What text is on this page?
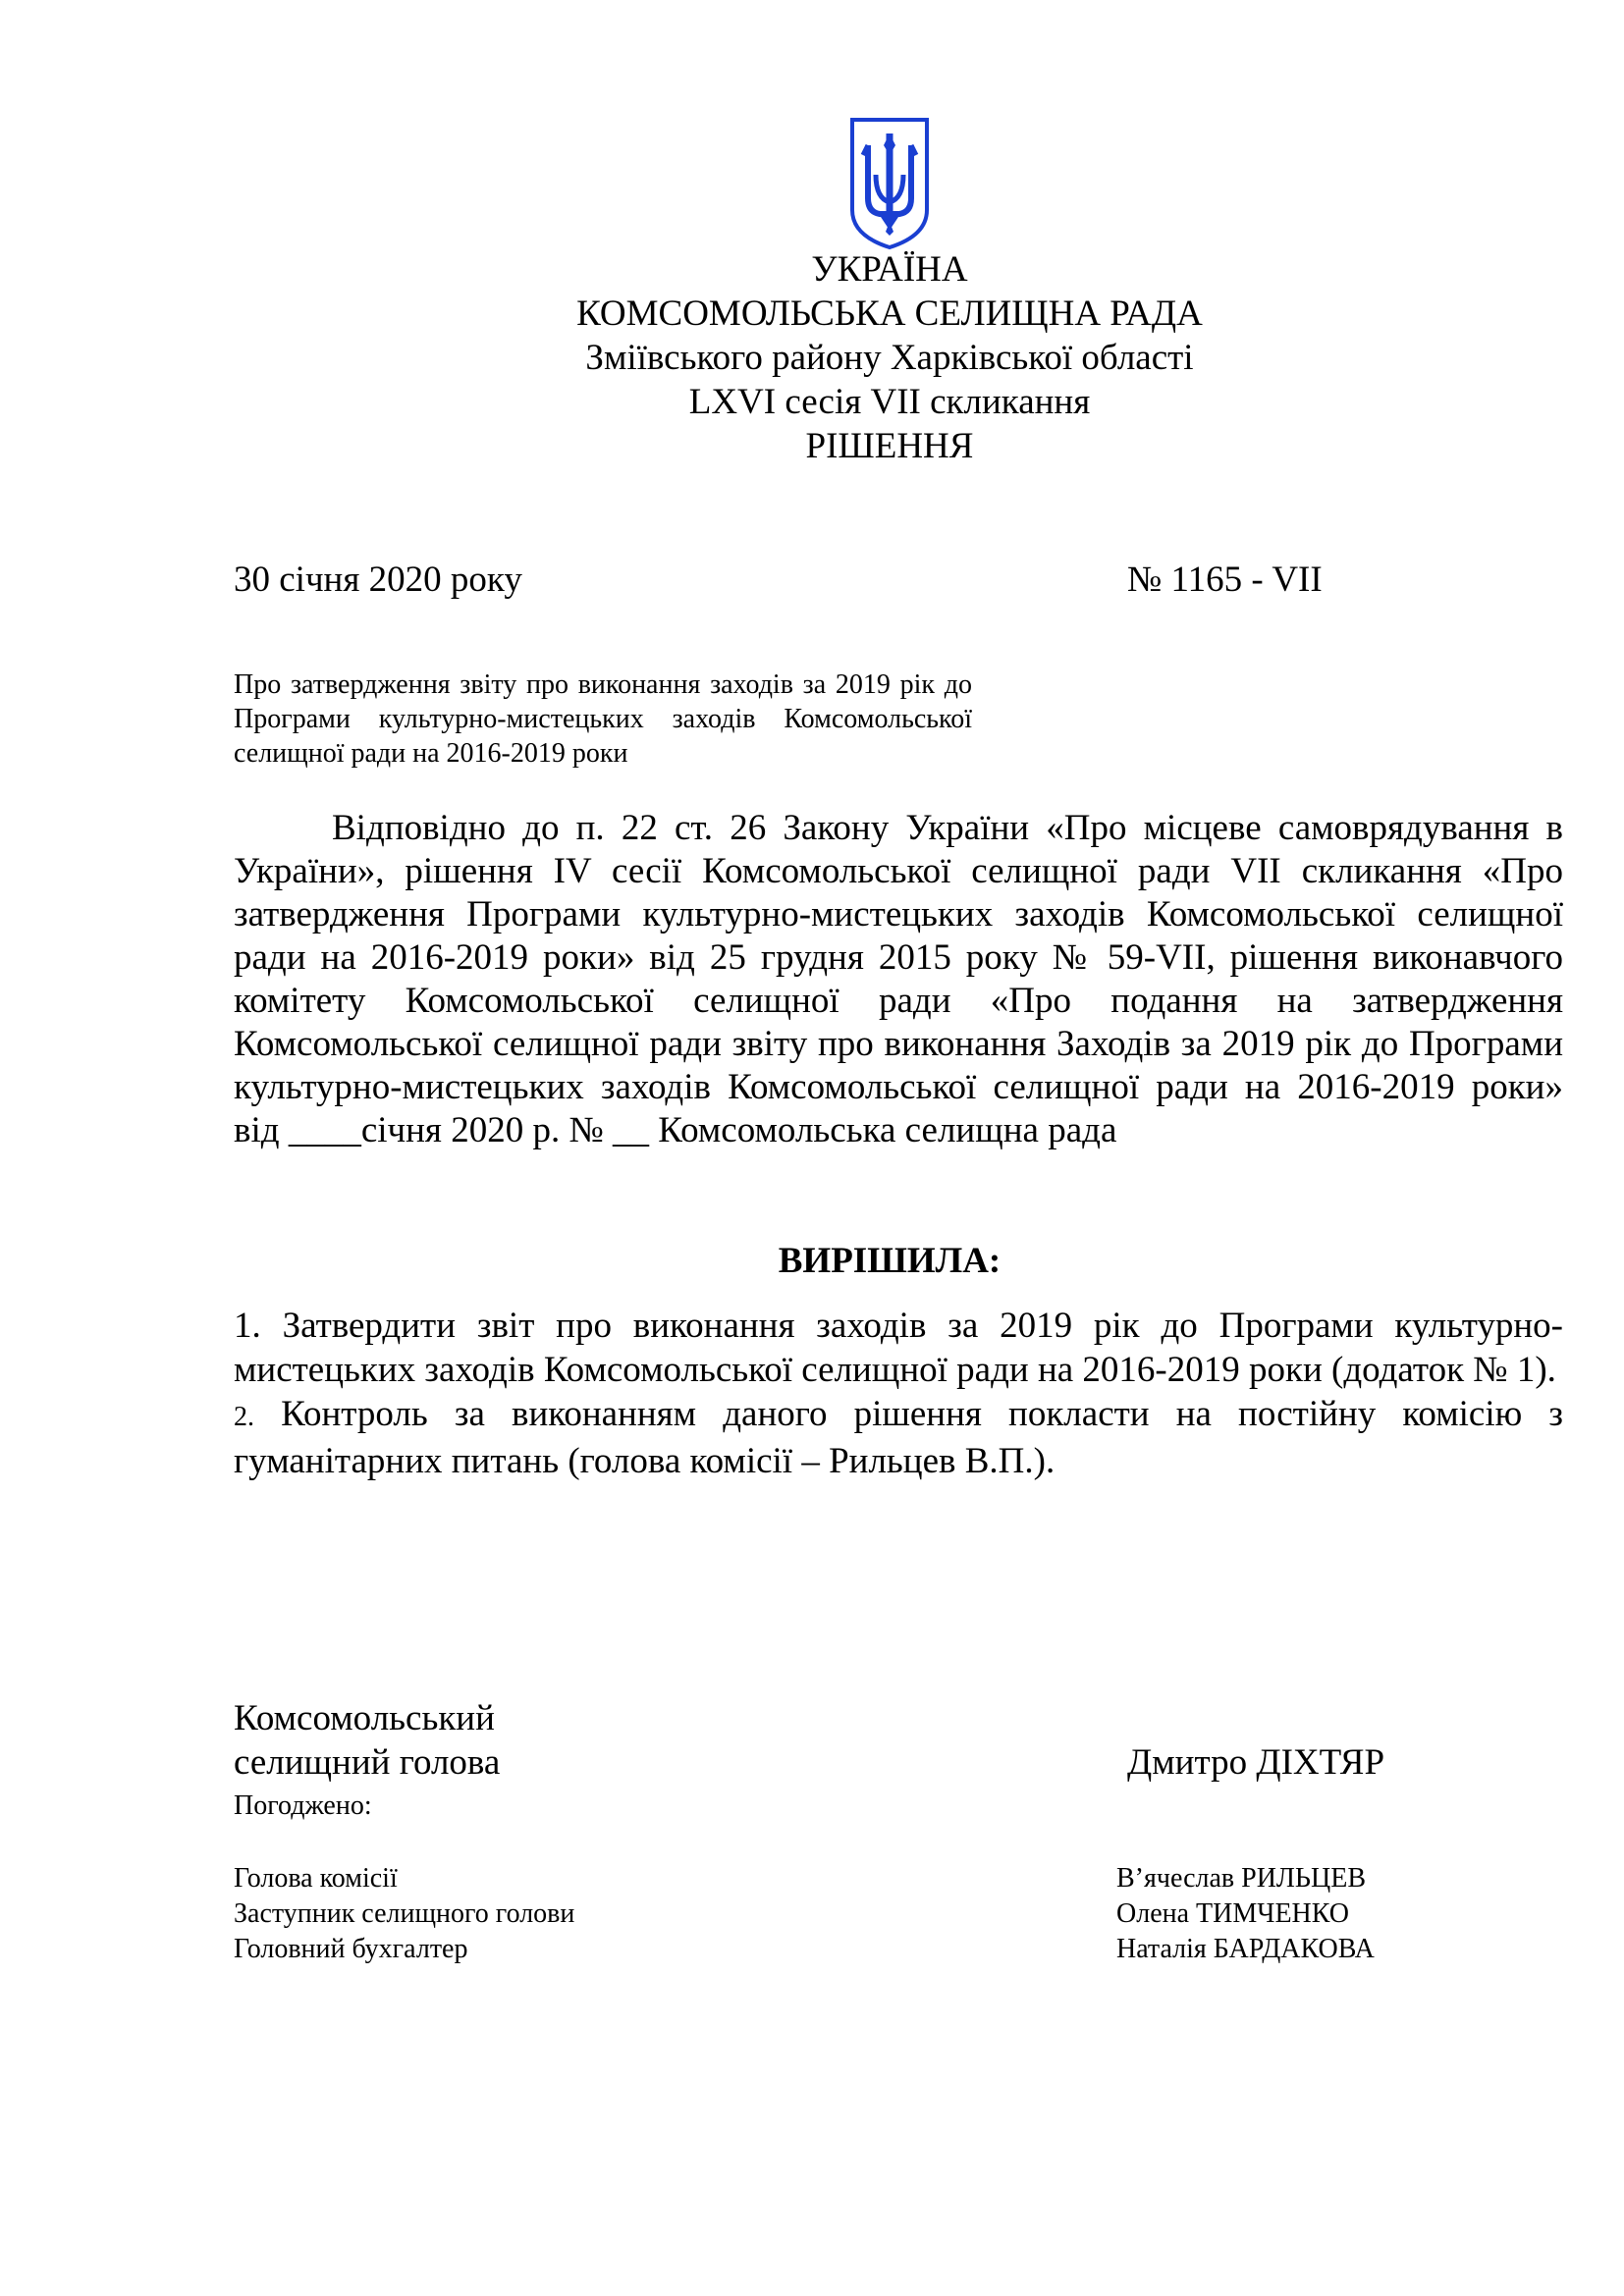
УКРАЇНА
КОМСОМОЛЬСЬКА СЕЛИЩНА РАДА
Зміївського району Харківської області
LXVI сесія VII скликання
РІШЕННЯ
30 січня 2020 року	№ 1165 - VII
Про затвердження звіту про виконання заходів за 2019 рік до Програми культурно-мистецьких заходів Комсомольської селищної ради на 2016-2019 роки
Відповідно до п. 22 ст. 26 Закону України «Про місцеве самоврядування в України», рішення IV сесії Комсомольської селищної ради VII скликання «Про затвердження Програми культурно-мистецьких заходів Комсомольської селищної ради на 2016-2019 роки» від 25 грудня 2015 року № 59-VII, рішення виконавчого комітету Комсомольської селищної ради «Про подання на затвердження Комсомольської селищної ради звіту про виконання Заходів за 2019 рік до Програми культурно-мистецьких заходів Комсомольської селищної ради на 2016-2019 роки» від ____січня 2020 р. № __ Комсомольська селищна рада
ВИРІШИЛА:

1. Затвердити звіт про виконання заходів за 2019 рік до Програми культурно-мистецьких заходів Комсомольської селищної ради на 2016-2019 роки (додаток № 1).

2. Контроль за виконанням даного рішення покласти на постійну комісію з гуманітарних питань (голова комісії – Рильцев В.П.).

Комсомольський
селищний голова	Дмитро ДІХТЯР
Погоджено:
Голова комісії	В’ячеслав РИЛЬЦЕВ
Заступник селищного голови	Олена ТИМЧЕНКО
Головний бухгалтер	Наталія БАРДАКОВА
